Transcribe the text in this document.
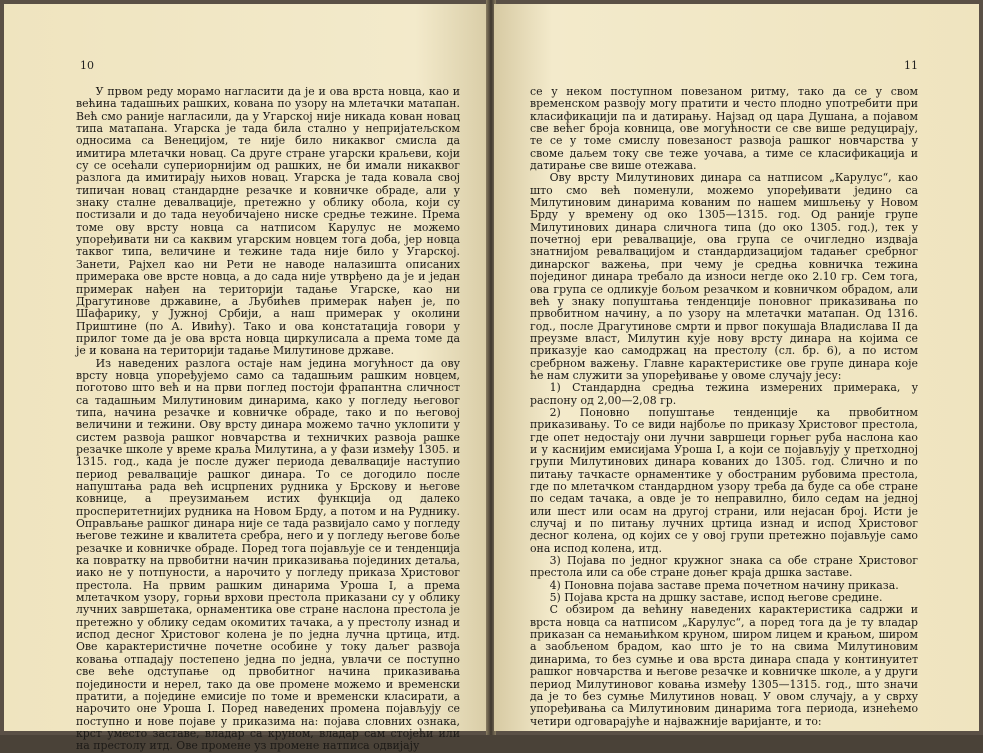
10

У првом реду морамо нагласити да је и ова врста новца, као и већина тадашњих рашких, кована по узору на млетачки матапан. Већ смо раније нагласили, да у Угарској није никада кован новац типа матапана. Угарска је тада била стално у непријатељском односима са Венецијом, те није било никаквог смисла да имитира млетачки новац. Са друге стране угарски краљеви, који су се осећали супериорнијим од рашких, не би имали никаквог разлога да имитирају њихов новац. Угарска је тада ковала свој типичан новац стандардне резачке и ковничке обраде, али у знаку сталне девалвације, претежно у облику обола, који су постизали и до тада неуобичајено ниске средње тежине. Према томе ову врсту новца са натписом Карулус не можемо упоређивати ни са каквим угарским новцем тога доба, јер новца таквог типа, величине и тежине тада није било у Угарској. Занети, Рајхел као ни Рети не наводе налазишта описаних примерака ове врсте новца, а до сада није утврђено да је и један примерак нађен на територији тадање Угарске, као ни Драгутинове државине, а Љубићев примерак нађен је, по Шафарику, у Јужној Србији, а наш примерак у околини Приштине (по А. Ивићу). Тако и ова констатација говори у прилог томе да је ова врста новца циркулисала а према томе да је и кована на територији тадање Милутинове државе.

Из наведених разлога остаје нам једина могућност да ову врсту новца упоређујемо само са тадашњим рашким новцем, поготово што већ и на први поглед постоји фрапантна сличност са тадашњим Милутиновим динарима, како у погледу његовог типа, начина резачке и ковничке обраде, тако и по његовој величини и тежини. Ову врсту динара можемо тачно уклопити у систем развоја рашког новчарства и техничких развоја рашке резачке школе у време краља Милутина, а у фази између 1305. и 1315. год., када је после дужег периода девалвације наступио период ревалвације рашког динара. То се догодило после напуштања рада већ исцрпених рудника у Брскову и његове ковнице, а преузимањем истих функција од далеко просперитетнијих рудника на Новом Брду, а потом и на Руднику. Оправљање рашког динара није се тада развијало само у погледу његове тежине и квалитета сребра, него и у погледу његове боље резачке и ковничке обраде. Поред тога појављује се и тенденција ка повратку на првобитни начин приказивања појединих детаља, иако не у потпуности, а нарочито у погледу приказа Христовог престола. На првим рашким динарима Уроша I, а према млетачком узору, горњи врхови престола приказани су у облику лучних завршетака, орнаментика ове стране наслона престола је претежно у облику седам окомитих тачака, а у престолу изнад и испод десног Христовог колена је по једна лучна цртица, итд. Ове карактеристичне почетне особине у току даљег развоја ковања отпадају постепено једна по једна, увлачи се поступно све веће одступање од првобитног начина приказивања појединости и нерел, тако да ове промене можемо и временски пратити, а поједине емисије по томе и временски класирати, а нарочито оне Уроша I. Поред наведених промена појављују се поступно и нове појаве у приказима на: појава словних ознака, крст уместо заставе, владар са круном, владар сам стоjећи или на престолу итд. Ове промене уз промене натписа одвијају

11

се у неком поступном повезаном ритму, тако да се у свом временском развоју могу пратити и често плодно употребити при класификацији па и датирању. Најзад од цара Душана, а појавом све већег броја ковница, ове могућности се све више редуцирају, те се у томе смислу повезаност развоја рашког новчарства у своме даљем току све теже уочава, а тиме се класификација и датирање све више отежава.

Ову врсту Милутинових динара са натписом „Карулус“, као што смо већ поменули, можемо упоређивати једино са Милутиновим динарима кованим по нашем мишљењу у Новом Брду у времену од око 1305—1315. год. Од раније групе Милутинових динара сличнога типа (до око 1305. год.), тек у почетној ери ревалвације, ова група се очигледно издваја знатнијом ревалвацијом и стандардизацијом тадањег сребрног динарског важења, при чему је средња ковничка тежина појединог динара требало да износи негде око 2.10 гр. Сем тога, ова група се одликује бољом резачком и ковничком обрадом, али већ у знаку попуштања тенденције поновног приказивања по првобитном начину, а по узору на млетачки матапан. Од 1316. год., после Драгутинове смрти и првог покушаја Владислава II да преузме власт, Милутин кује нову врсту динара на којима се приказује као самодржац на престолу (сл. бр. 6), а по истом сребрном важењу. Главне карактеристике ове групе динара које ће нам служити за упоређивање у овоме случају јесу:

1) Стандардна средња тежина измерених примерака, у распону од 2,00—2,08 гр.

2) Поновно попуштање тенденције ка првобитном приказивању. То се види најбоље по приказу Христовог престола, где опет недостају они лучни завршеци горњег руба наслона као и у каснијим емисијама Уроша I, а који се појављују у претходној групи Милутинових динара кованих до 1305. год. Слично и по питању тачкасте орнаментике у обостраним рубовима престола, где по млетачком стандардном узору треба да буде са обе стране по седам тачака, а овде је то неправилно, било седам на једној или шест или осам на другој страни, или нејасан број. Исти је случај и по питању лучних цртица изнад и испод Христовог десног колена, од којих се у овој групи претежно појављује само она испод колена, итд.

3) Појава по једног кружног знака са обе стране Христовог престола или са обе стране доњег краја дршка заставе.

4) Поновна појава заставе према почетном начину приказа.

5) Појава крста на дршку заставе, испод његове средине.

С обзиром да већину наведених карактеристика садржи и врста новца са натписом „Карулус“, а поред тога да је ту владар приказан са немањићком круном, широм лицем и крањом, широм а заобљеном брадом, као што је то на свима Милутиновим динарима, то без сумње и ова врста динара спада у континуитет рашког новчарства и његове резачке и ковничке школе, а у други период Милутиновог ковања између 1305—1315. год., што значи да је то без сумње Милутинов новац. У овом случају, а у сврху упоређивања са Милутиновим динарима тога периода, изнећемо четири одговарајуће и најважније варијанте, и то:
